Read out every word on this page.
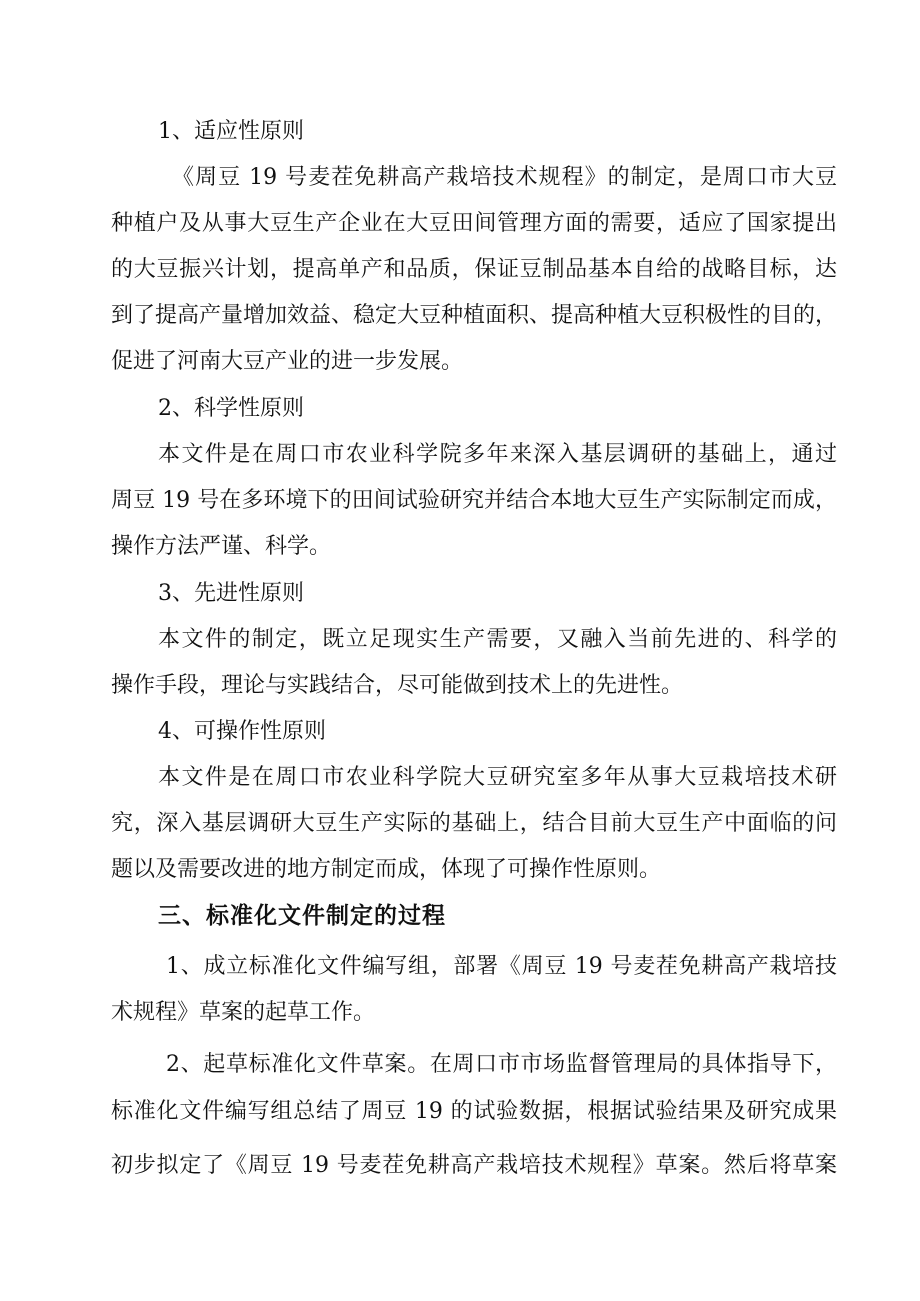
1、适应性原则
《周豆 19 号麦茬免耕高产栽培技术规程》的制定，是周口市大豆
种植户及从事大豆生产企业在大豆田间管理方面的需要，适应了国家提出
的大豆振兴计划，提高单产和品质，保证豆制品基本自给的战略目标，达
到了提高产量增加效益、稳定大豆种植面积、提高种植大豆积极性的目的，
促进了河南大豆产业的进一步发展。
2、科学性原则
本文件是在周口市农业科学院多年来深入基层调研的基础上，通过
周豆 19 号在多环境下的田间试验研究并结合本地大豆生产实际制定而成，
操作方法严谨、科学。
3、先进性原则
本文件的制定，既立足现实生产需要，又融入当前先进的、科学的
操作手段，理论与实践结合，尽可能做到技术上的先进性。
4、可操作性原则
本文件是在周口市农业科学院大豆研究室多年从事大豆栽培技术研
究，深入基层调研大豆生产实际的基础上，结合目前大豆生产中面临的问
题以及需要改进的地方制定而成，体现了可操作性原则。
三、标准化文件制定的过程
1、成立标准化文件编写组，部署《周豆 19 号麦茬免耕高产栽培技
术规程》草案的起草工作。
2、起草标准化文件草案。在周口市市场监督管理局的具体指导下，
标准化文件编写组总结了周豆 19 的试验数据，根据试验结果及研究成果
初步拟定了《周豆 19 号麦茬免耕高产栽培技术规程》草案。然后将草案
